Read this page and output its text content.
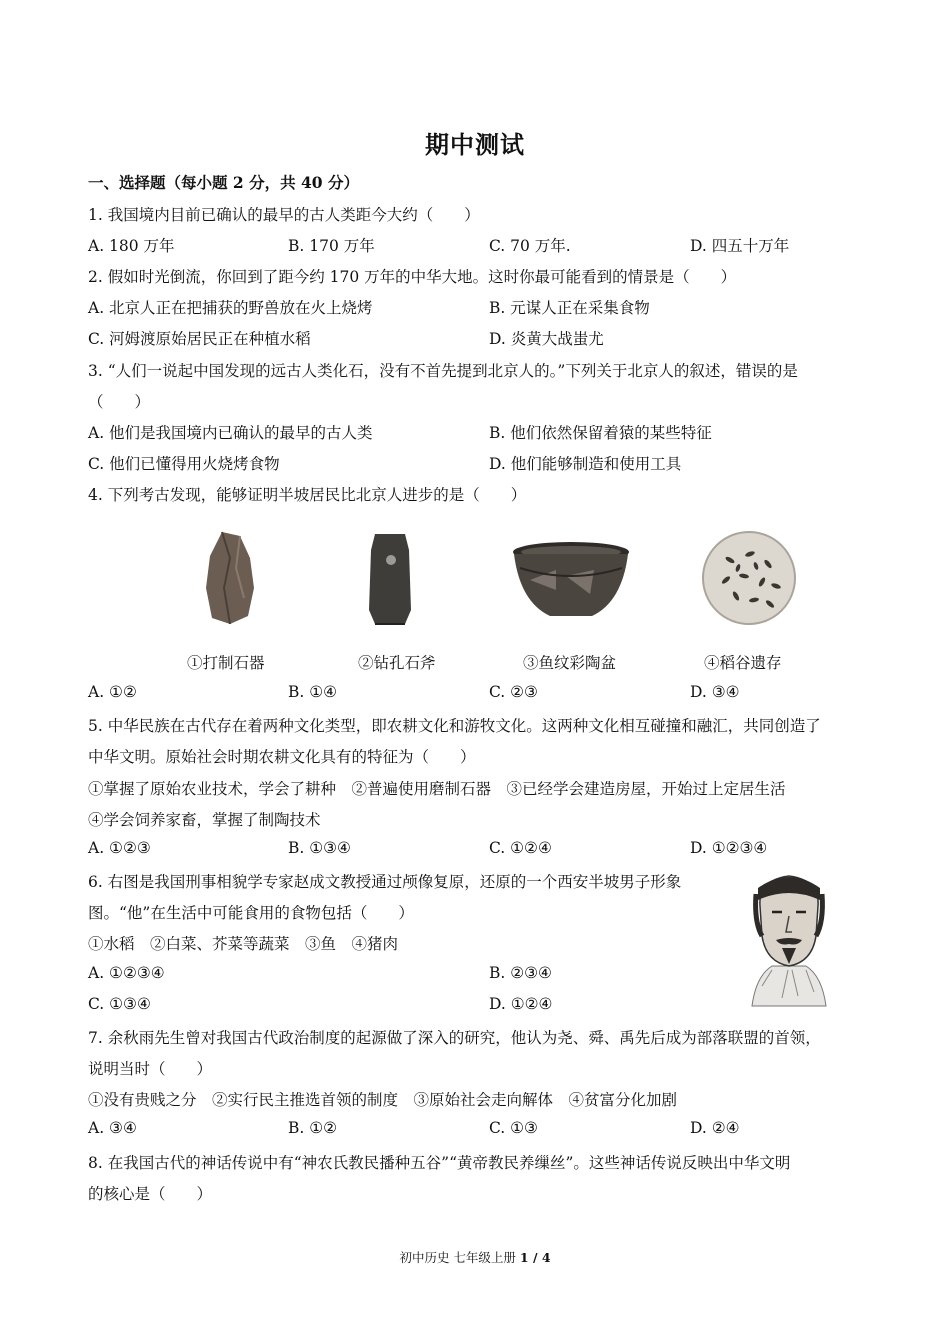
期中测试
一、选择题（每小题 2 分，共 40 分）
1. 我国境内目前已确认的最早的古人类距今大约（　　）
A. 180 万年	B. 170 万年	C. 70 万年.	D. 四五十万年
2. 假如时光倒流，你回到了距今约 170 万年的中华大地。这时你最可能看到的情景是（　　）
A. 北京人正在把捕获的野兽放在火上烧烤	B. 元谋人正在采集食物
C. 河姆渡原始居民正在种植水稻	D. 炎黄大战蚩尤
3. “人们一说起中国发现的远古人类化石，没有不首先提到北京人的。”下列关于北京人的叙述，错误的是
（　　）
A. 他们是我国境内已确认的最早的古人类	B. 他们依然保留着猿的某些特征
C. 他们已懂得用火烧烤食物	D. 他们能够制造和使用工具
4. 下列考古发现，能够证明半坡居民比北京人进步的是（　　）
①打制石器	②钻孔石斧	③鱼纹彩陶盆	④稻谷遗存
A. ①②	B. ①④	C. ②③	D. ③④
5. 中华民族在古代存在着两种文化类型，即农耕文化和游牧文化。这两种文化相互碰撞和融汇，共同创造了
中华文明。原始社会时期农耕文化具有的特征为（　　）
①掌握了原始农业技术，学会了耕种　②普遍使用磨制石器　③已经学会建造房屋，开始过上定居生活
④学会饲养家畜，掌握了制陶技术
A. ①②③	B. ①③④	C. ①②④	D. ①②③④
6. 右图是我国刑事相貌学专家赵成文教授通过颅像复原，还原的一个西安半坡男子形象
图。“他”在生活中可能食用的食物包括（　　）
①水稻　②白菜、芥菜等蔬菜　③鱼　④猪肉
A. ①②③④	B. ②③④
C. ①③④	D. ①②④
7. 余秋雨先生曾对我国古代政治制度的起源做了深入的研究，他认为尧、舜、禹先后成为部落联盟的首领，
说明当时（　　）
①没有贵贱之分　②实行民主推选首领的制度　③原始社会走向解体　④贫富分化加剧
A. ③④	B. ①②	C. ①③	D. ②④
8. 在我国古代的神话传说中有“神农氏教民播种五谷”“黄帝教民养缫丝”。这些神话传说反映出中华文明
的核心是（　　）
初中历史 七年级上册 1 / 4
